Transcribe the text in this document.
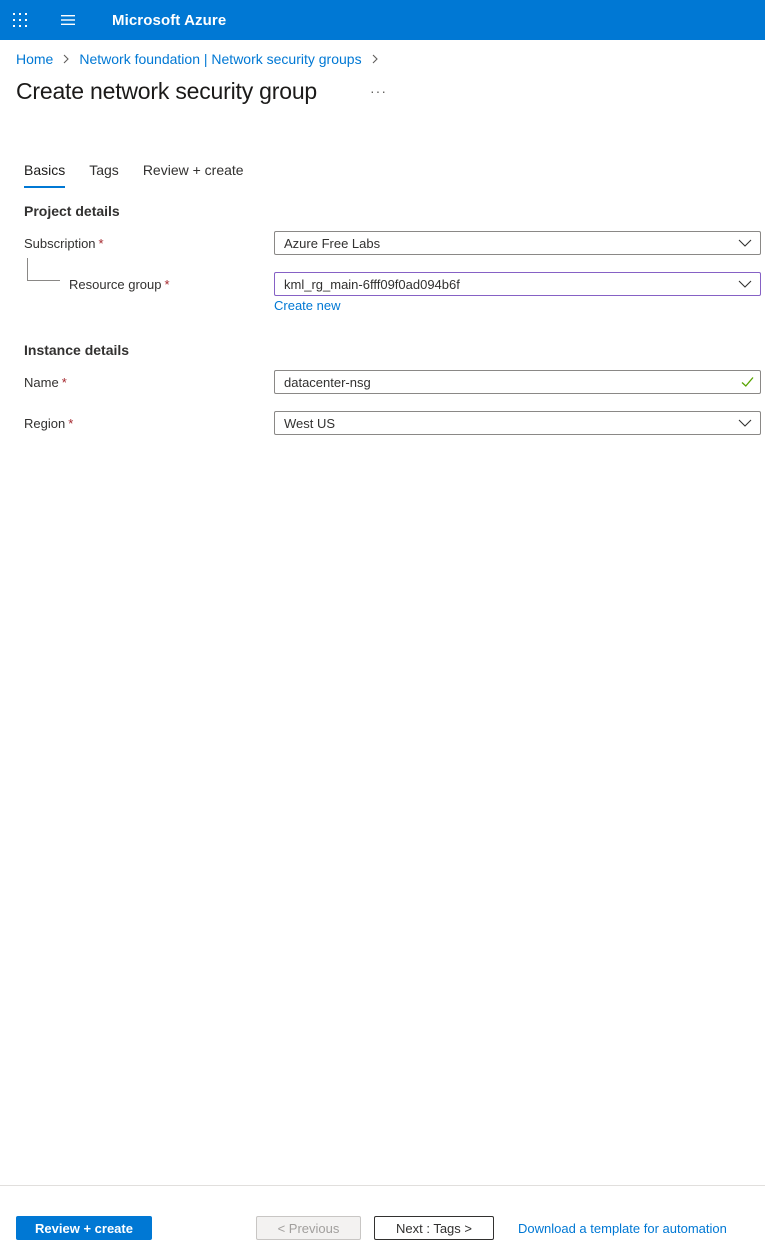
Microsoft Azure
Home Network foundation | Network security groups
Create network security group	···
Basics Tags Review + create
Project details
Subscription *	Azure Free Labs
Resource group *	kml_rg_main-6fff09f0ad094b6f
Create new
Instance details
Name *	datacenter-nsg
Region *	West US
Review + create	< Previous	Next : Tags >	Download a template for automation
